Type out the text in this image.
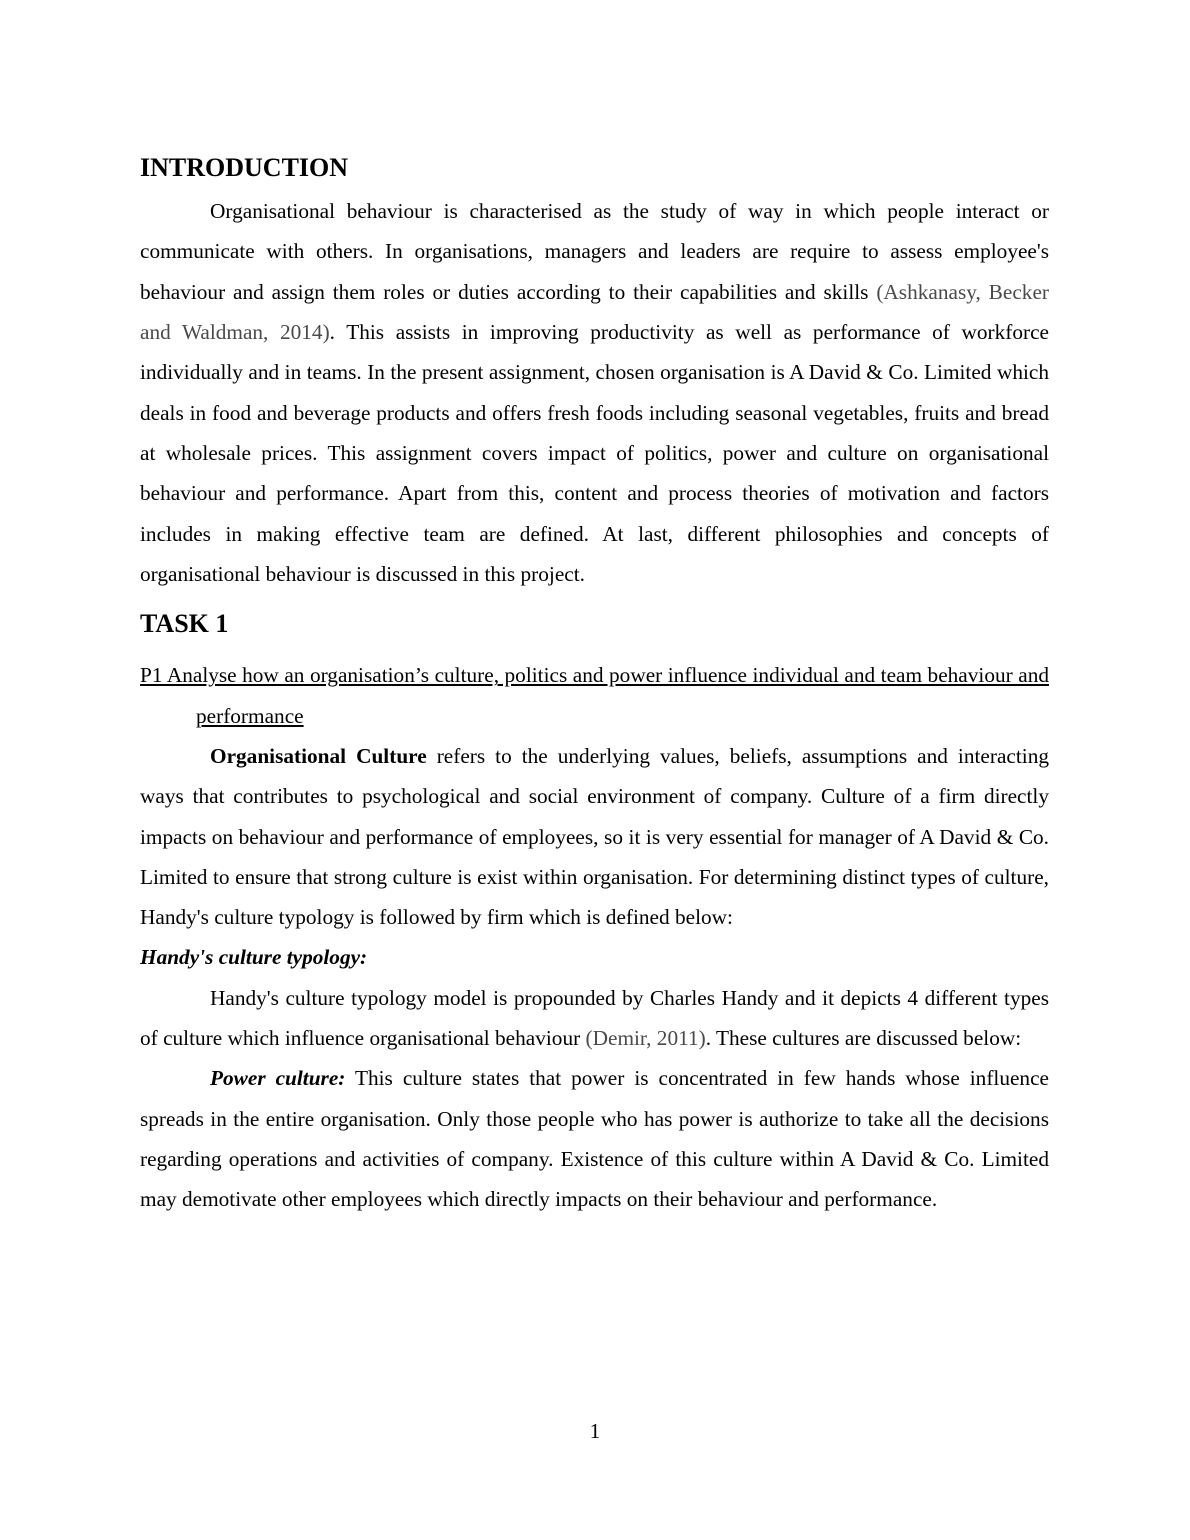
INTRODUCTION

Organisational behaviour is characterised as the study of way in which people interact or communicate with others. In organisations, managers and leaders are require to assess employee's behaviour and assign them roles or duties according to their capabilities and skills (Ashkanasy, Becker and Waldman, 2014). This assists in improving productivity as well as performance of workforce individually and in teams. In the present assignment, chosen organisation is A David & Co. Limited which deals in food and beverage products and offers fresh foods including seasonal vegetables, fruits and bread at wholesale prices. This assignment covers impact of politics, power and culture on organisational behaviour and performance. Apart from this, content and process theories of motivation and factors includes in making effective team are defined. At last, different philosophies and concepts of organisational behaviour is discussed in this project.

TASK 1

P1 Analyse how an organisation’s culture, politics and power influence individual and team behaviour and performance

Organisational Culture refers to the underlying values, beliefs, assumptions and interacting ways that contributes to psychological and social environment of company. Culture of a firm directly impacts on behaviour and performance of employees, so it is very essential for manager of A David & Co. Limited to ensure that strong culture is exist within organisation. For determining distinct types of culture, Handy's culture typology is followed by firm which is defined below:

Handy's culture typology:

Handy's culture typology model is propounded by Charles Handy and it depicts 4 different types of culture which influence organisational behaviour (Demir, 2011). These cultures are discussed below:

Power culture: This culture states that power is concentrated in few hands whose influence spreads in the entire organisation. Only those people who has power is authorize to take all the decisions regarding operations and activities of company. Existence of this culture within A David & Co. Limited may demotivate other employees which directly impacts on their behaviour and performance.

1
